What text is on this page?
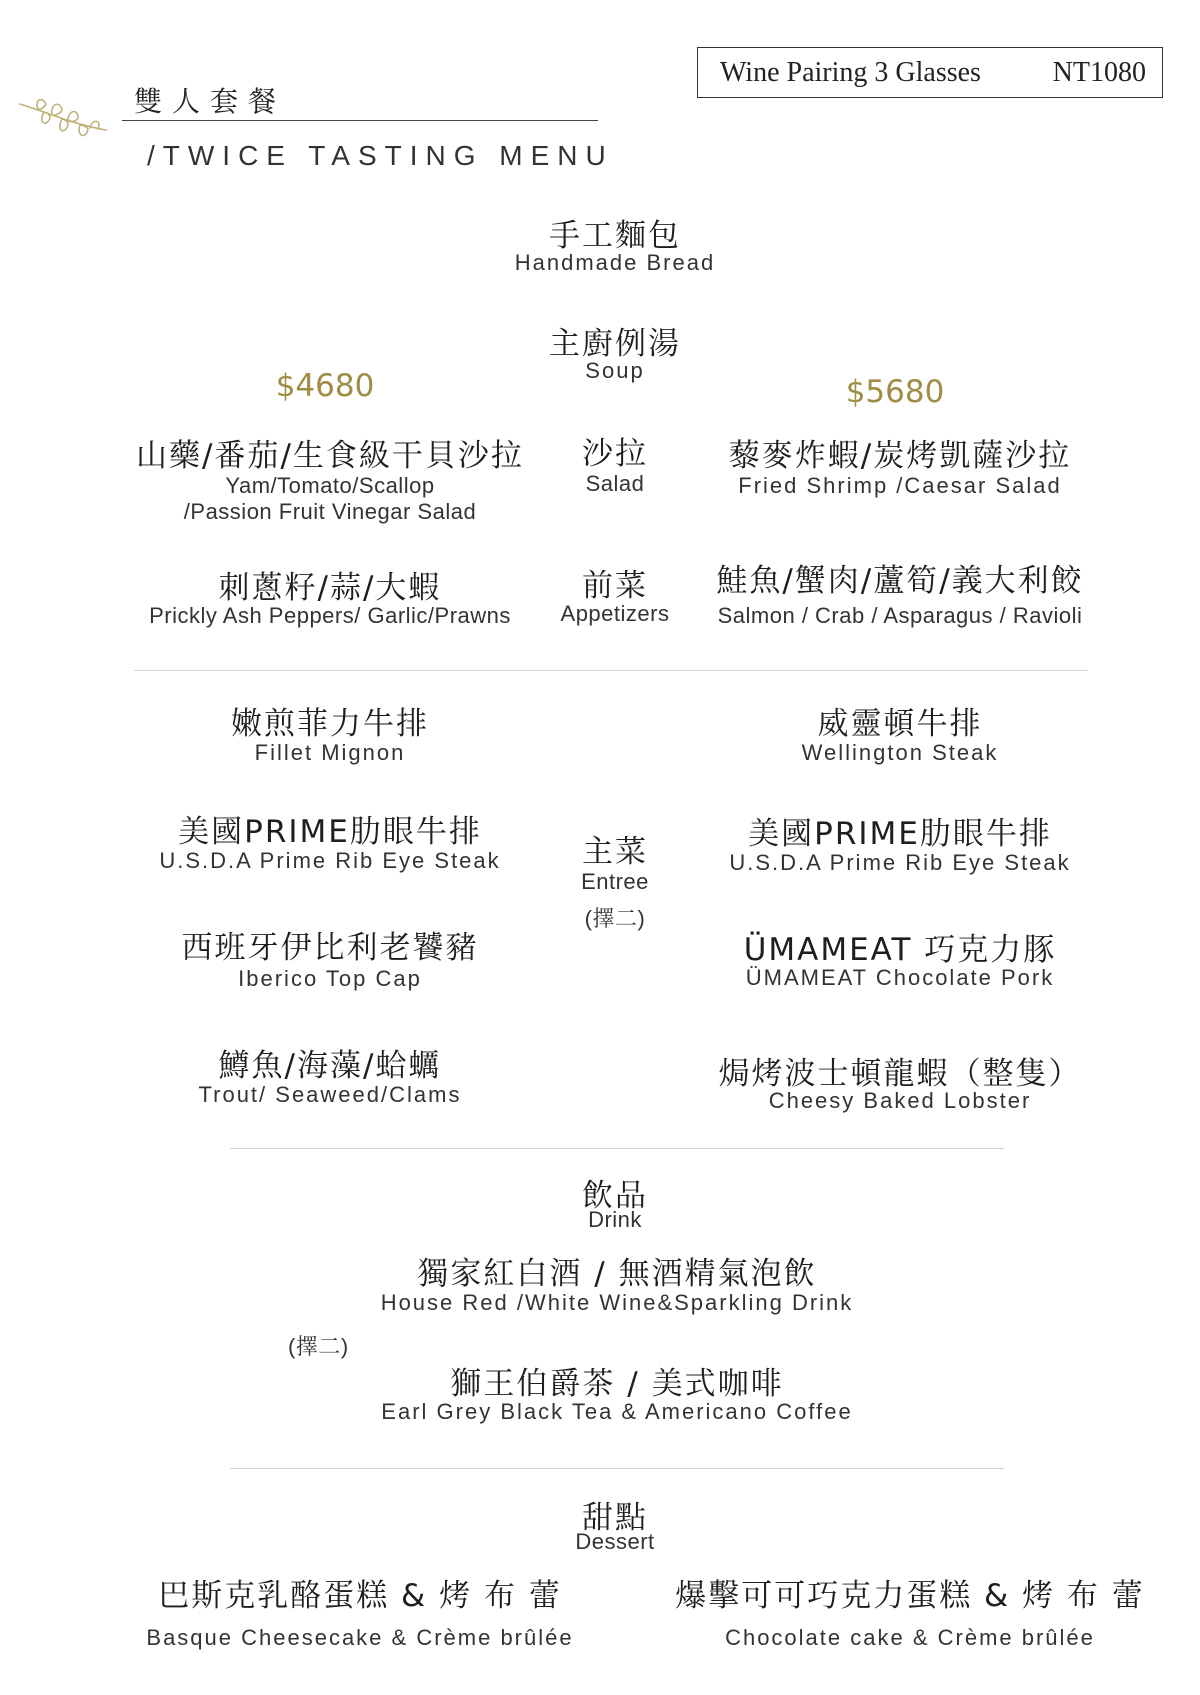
Wine Pairing 3 Glasses	NT1080
雙人套餐
/TWICE TASTING MENU
手工麵包
Handmade Bread
主廚例湯
Soup
$4680	$5680
山藥/番茄/生食級干貝沙拉
Yam/Tomato/Scallop
/Passion Fruit Vinegar Salad
沙拉
Salad
藜麥炸蝦/炭烤凱薩沙拉
Fried Shrimp /Caesar Salad
刺蔥籽/蒜/大蝦
Prickly Ash Peppers/ Garlic/Prawns
前菜
Appetizers
鮭魚/蟹肉/蘆筍/義大利餃
Salmon / Crab / Asparagus / Ravioli
嫩煎菲力牛排
Fillet Mignon
美國PRIME肋眼牛排
U.S.D.A Prime Rib Eye Steak
西班牙伊比利老饕豬
Iberico Top Cap
鱒魚/海藻/蛤蠣
Trout/ Seaweed/Clams
主菜
Entree
(擇二)
威靈頓牛排
Wellington Steak
美國PRIME肋眼牛排
U.S.D.A Prime Rib Eye Steak
ÜMAMEAT 巧克力豚
ÜMAMEAT Chocolate Pork
焗烤波士頓龍蝦（整隻）
Cheesy Baked Lobster
飲品
Drink
獨家紅白酒 / 無酒精氣泡飲
House Red /White Wine&Sparkling Drink
(擇二)
獅王伯爵茶 / 美式咖啡
Earl Grey Black Tea & Americano Coffee
甜點
Dessert
巴斯克乳酪蛋糕 & 烤 布 蕾
Basque Cheesecake & Crème brûlée
爆擊可可巧克力蛋糕 & 烤 布 蕾
Chocolate cake & Crème brûlée
